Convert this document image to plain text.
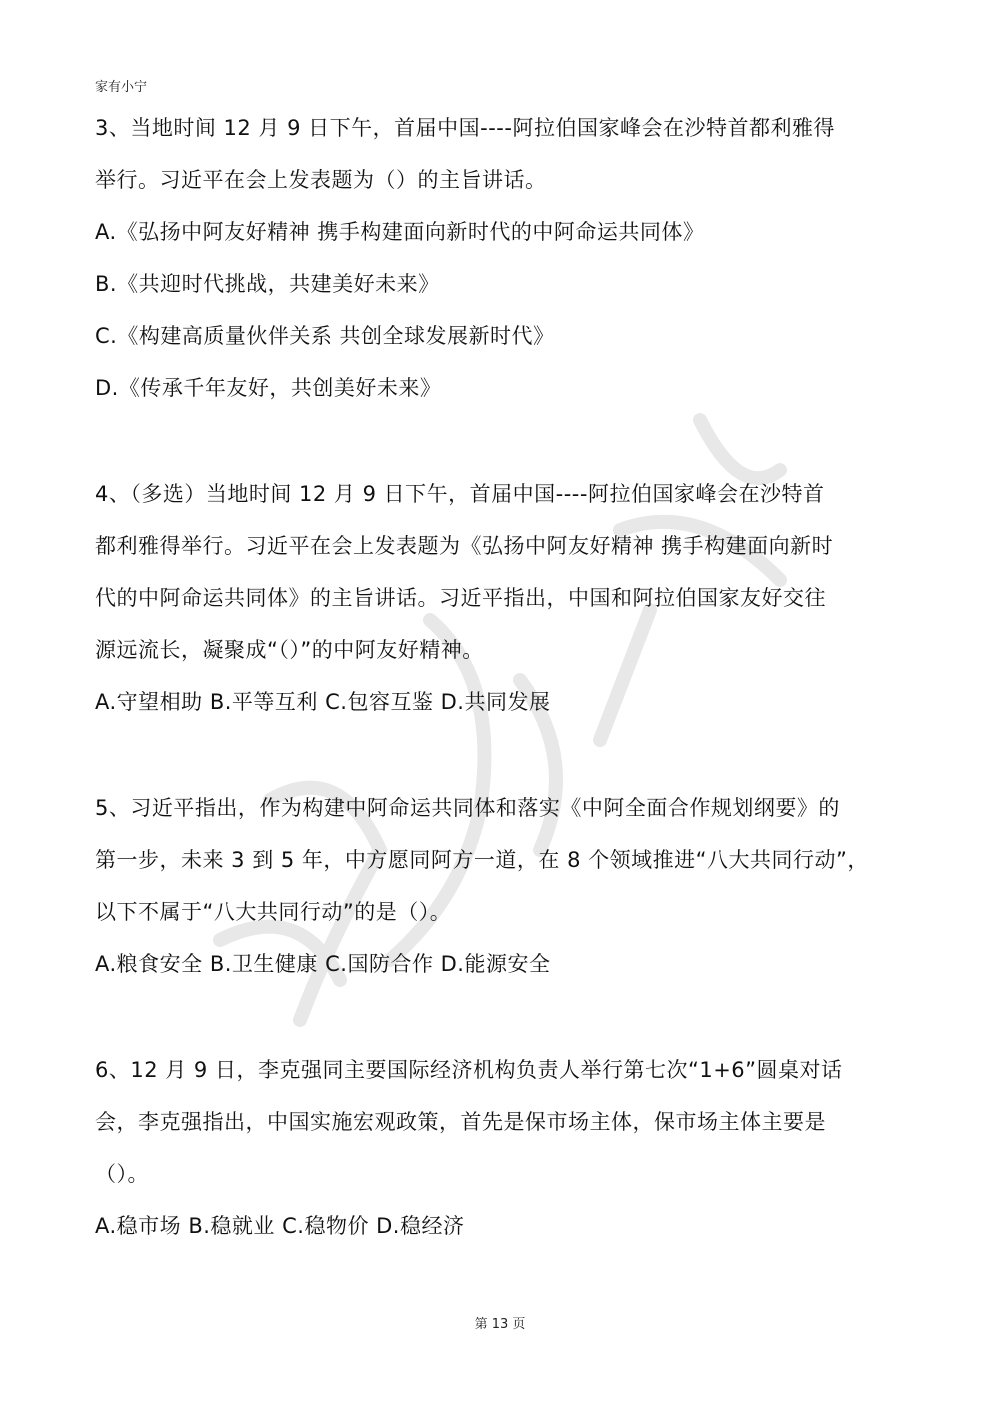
家有小宁
3、当地时间 12 月 9 日下午，首届中国----阿拉伯国家峰会在沙特首都利雅得
举行。习近平在会上发表题为（）的主旨讲话。
A.《弘扬中阿友好精神 携手构建面向新时代的中阿命运共同体》
B.《共迎时代挑战，共建美好未来》
C.《构建高质量伙伴关系 共创全球发展新时代》
D.《传承千年友好，共创美好未来》
4、（多选）当地时间 12 月 9 日下午，首届中国----阿拉伯国家峰会在沙特首
都利雅得举行。习近平在会上发表题为《弘扬中阿友好精神 携手构建面向新时
代的中阿命运共同体》的主旨讲话。习近平指出，中国和阿拉伯国家友好交往
源远流长，凝聚成“（）”的中阿友好精神。
A.守望相助 B.平等互利 C.包容互鉴 D.共同发展
5、习近平指出，作为构建中阿命运共同体和落实《中阿全面合作规划纲要》的
第一步，未来 3 到 5 年，中方愿同阿方一道，在 8 个领域推进“八大共同行动”，
以下不属于“八大共同行动”的是（）。
A.粮食安全 B.卫生健康 C.国防合作 D.能源安全
6、12 月 9 日，李克强同主要国际经济机构负责人举行第七次“1+6”圆桌对话
会，李克强指出，中国实施宏观政策，首先是保市场主体，保市场主体主要是
（）。
A.稳市场 B.稳就业 C.稳物价 D.稳经济
第 13 页
